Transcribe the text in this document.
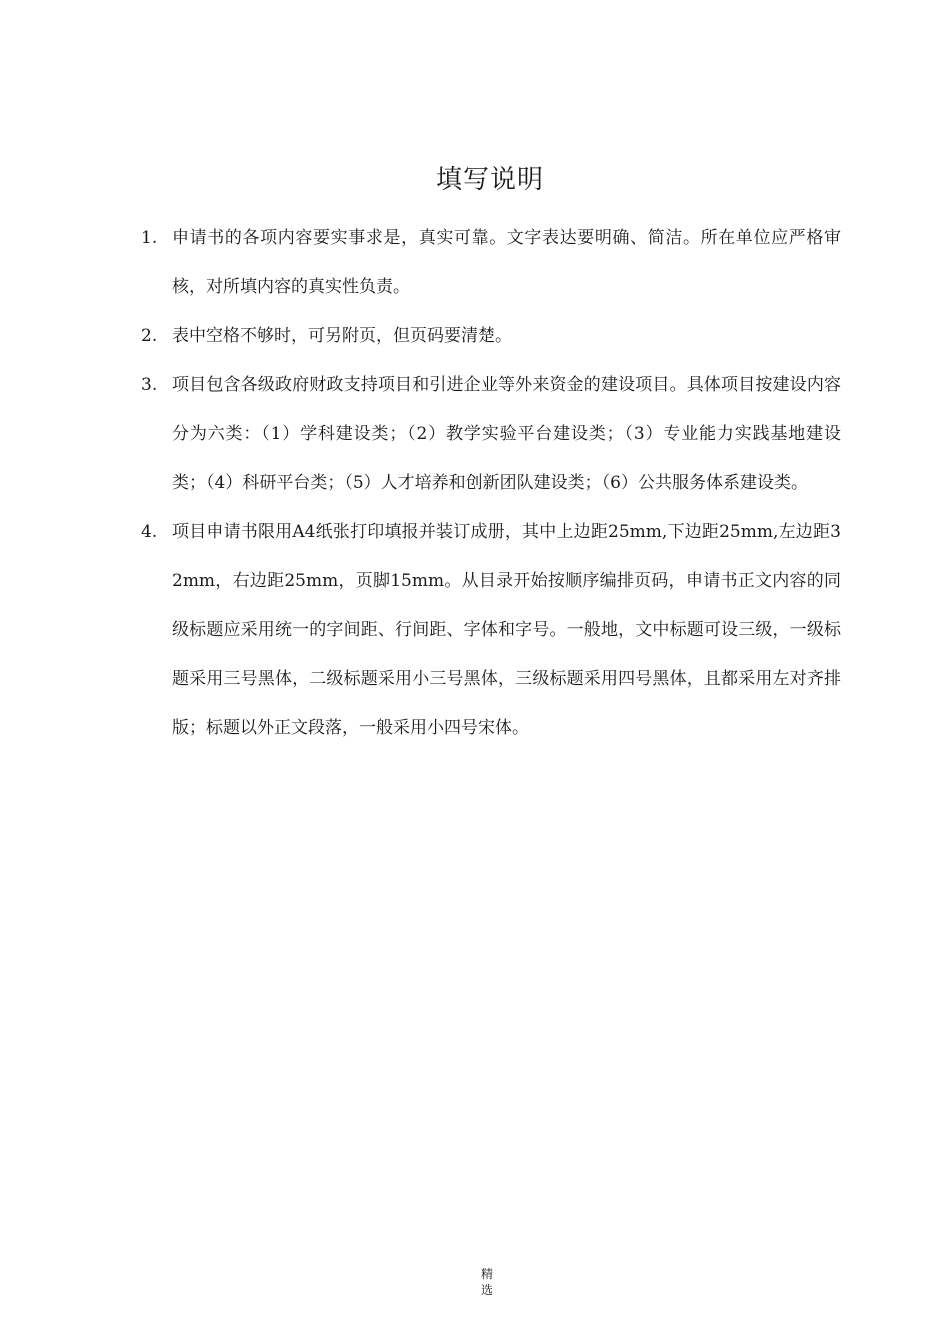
填写说明
1. 申请书的各项内容要实事求是，真实可靠。文字表达要明确、简洁。所在单位应严格审核，对所填内容的真实性负责。
2. 表中空格不够时，可另附页，但页码要清楚。
3. 项目包含各级政府财政支持项目和引进企业等外来资金的建设项目。具体项目按建设内容分为六类：（1）学科建设类；（2）教学实验平台建设类；（3）专业能力实践基地建设类；（4）科研平台类；（5）人才培养和创新团队建设类；（6）公共服务体系建设类。
4. 项目申请书限用A4纸张打印填报并装订成册，其中上边距25mm,下边距25mm,左边距32mm，右边距25mm，页脚15mm。从目录开始按顺序编排页码，申请书正文内容的同级标题应采用统一的字间距、行间距、字体和字号。一般地，文中标题可设三级，一级标题采用三号黑体，二级标题采用小三号黑体，三级标题采用四号黑体，且都采用左对齐排版；标题以外正文段落，一般采用小四号宋体。
精
选
